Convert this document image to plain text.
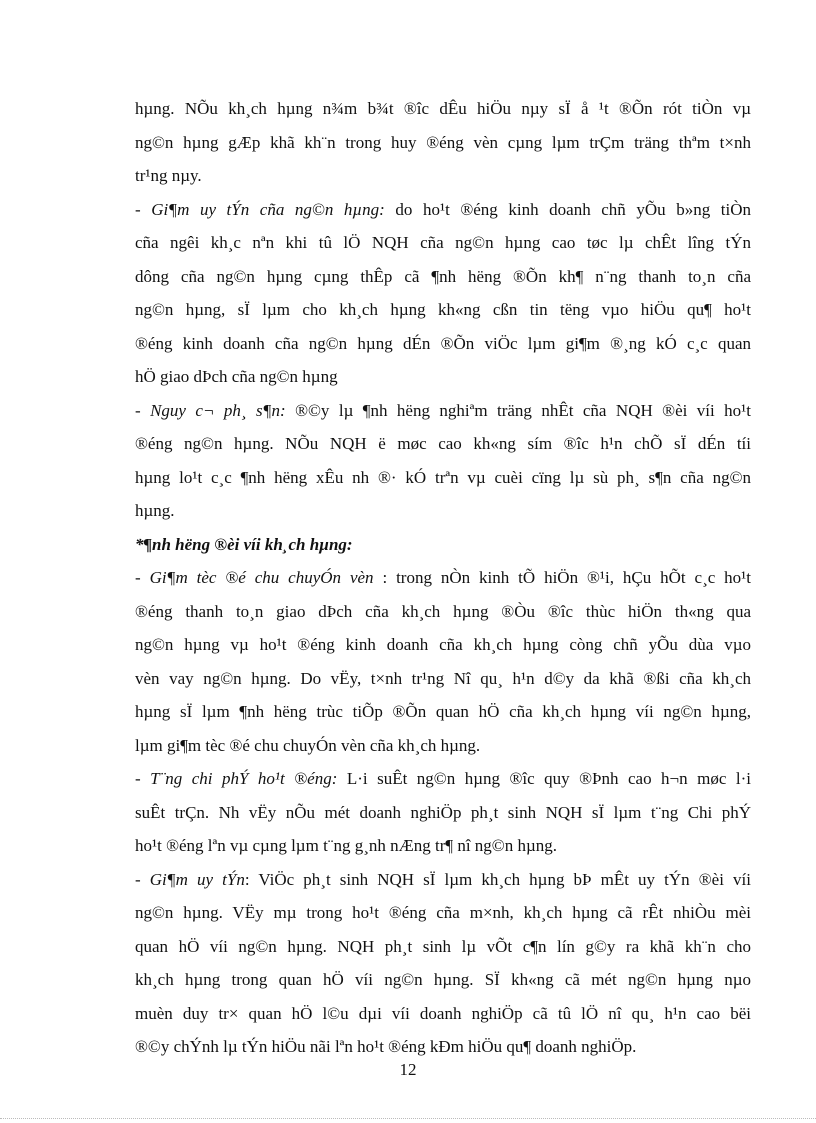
hµng. NÕu kh¸ch hµng n¾m b¾t ®îc dÊu hiÖu nµy sÏ å ¹t ®Õn rót tiÒn vµ
ng©n hµng gÆp khã kh¨n trong huy ®éng vèn cµng lµm trÇm träng thªm t×nh
tr¹ng nµy.
- Gi¶m uy tÝn cña ng©n hµng: do ho¹t ®éng kinh doanh chñ yÕu b»ng tiÒn
cña ngêi kh¸c nªn khi tû lÖ NQH cña ng©n hµng cao tøc lµ chÊt lîng tÝn
dông cña ng©n hµng cµng thÊp cã ¶nh hëng ®Õn kh¶ n¨ng thanh to¸n cña
ng©n hµng, sÏ lµm cho kh¸ch hµng kh«ng cßn tin tëng vµo hiÖu qu¶ ho¹t
®éng kinh doanh cña ng©n hµng dÉn ®Õn viÖc lµm gi¶m ®¸ng kÓ c¸c quan
hÖ giao dÞch cña ng©n hµng
- Nguy c¬ ph¸ s¶n: ®©y lµ ¶nh hëng nghiªm träng nhÊt cña NQH ®èi víi ho¹t
®éng ng©n hµng. NÕu NQH ë møc cao kh«ng sím ®îc h¹n chÕ sÏ dÉn tíi
hµng lo¹t c¸c ¶nh hëng xÊu nh ®· kÓ trªn vµ cuèi cïng lµ sù ph¸ s¶n cña ng©n
hµng.
*¶nh hëng ®èi víi kh¸ch hµng:
- Gi¶m tèc ®é chu chuyÓn vèn : trong nÒn kinh tÕ hiÖn ®¹i, hÇu hÕt c¸c ho¹t
®éng thanh to¸n giao dÞch cña kh¸ch hµng ®Òu ®îc thùc hiÖn th«ng qua
ng©n hµng vµ ho¹t ®éng kinh doanh cña kh¸ch hµng còng chñ yÕu dùa vµo
vèn vay ng©n hµng. Do vËy, t×nh tr¹ng Nî qu¸ h¹n d©y da khã ®ßi cña kh¸ch
hµng sÏ lµm ¶nh hëng trùc tiÕp ®Õn quan hÖ cña kh¸ch hµng víi ng©n hµng,
lµm gi¶m tèc ®é chu chuyÓn vèn cña kh¸ch hµng.
- T¨ng chi phÝ ho¹t ®éng: L·i suÊt ng©n hµng ®îc quy ®Þnh cao h¬n møc l·i
suÊt trÇn. Nh vËy nÕu mét doanh nghiÖp ph¸t sinh NQH sÏ lµm t¨ng Chi phÝ
ho¹t ®éng lªn vµ cµng lµm t¨ng g¸nh nÆng tr¶ nî ng©n hµng.
- Gi¶m uy tÝn: ViÖc ph¸t sinh NQH sÏ lµm kh¸ch hµng bÞ mÊt uy tÝn ®èi víi
ng©n hµng. VËy mµ trong ho¹t ®éng cña m×nh, kh¸ch hµng cã rÊt nhiÒu mèi
quan hÖ víi ng©n hµng. NQH ph¸t sinh lµ vÕt c¶n lín g©y ra khã kh¨n cho
kh¸ch hµng trong quan hÖ víi ng©n hµng. SÏ kh«ng cã mét ng©n hµng nµo
muèn duy tr× quan hÖ l©u dµi víi doanh nghiÖp cã tû lÖ nî qu¸ h¹n cao bëi
®©y chÝnh lµ tÝn hiÖu nãi lªn ho¹t ®éng kÐm hiÖu qu¶ doanh nghiÖp.
12
